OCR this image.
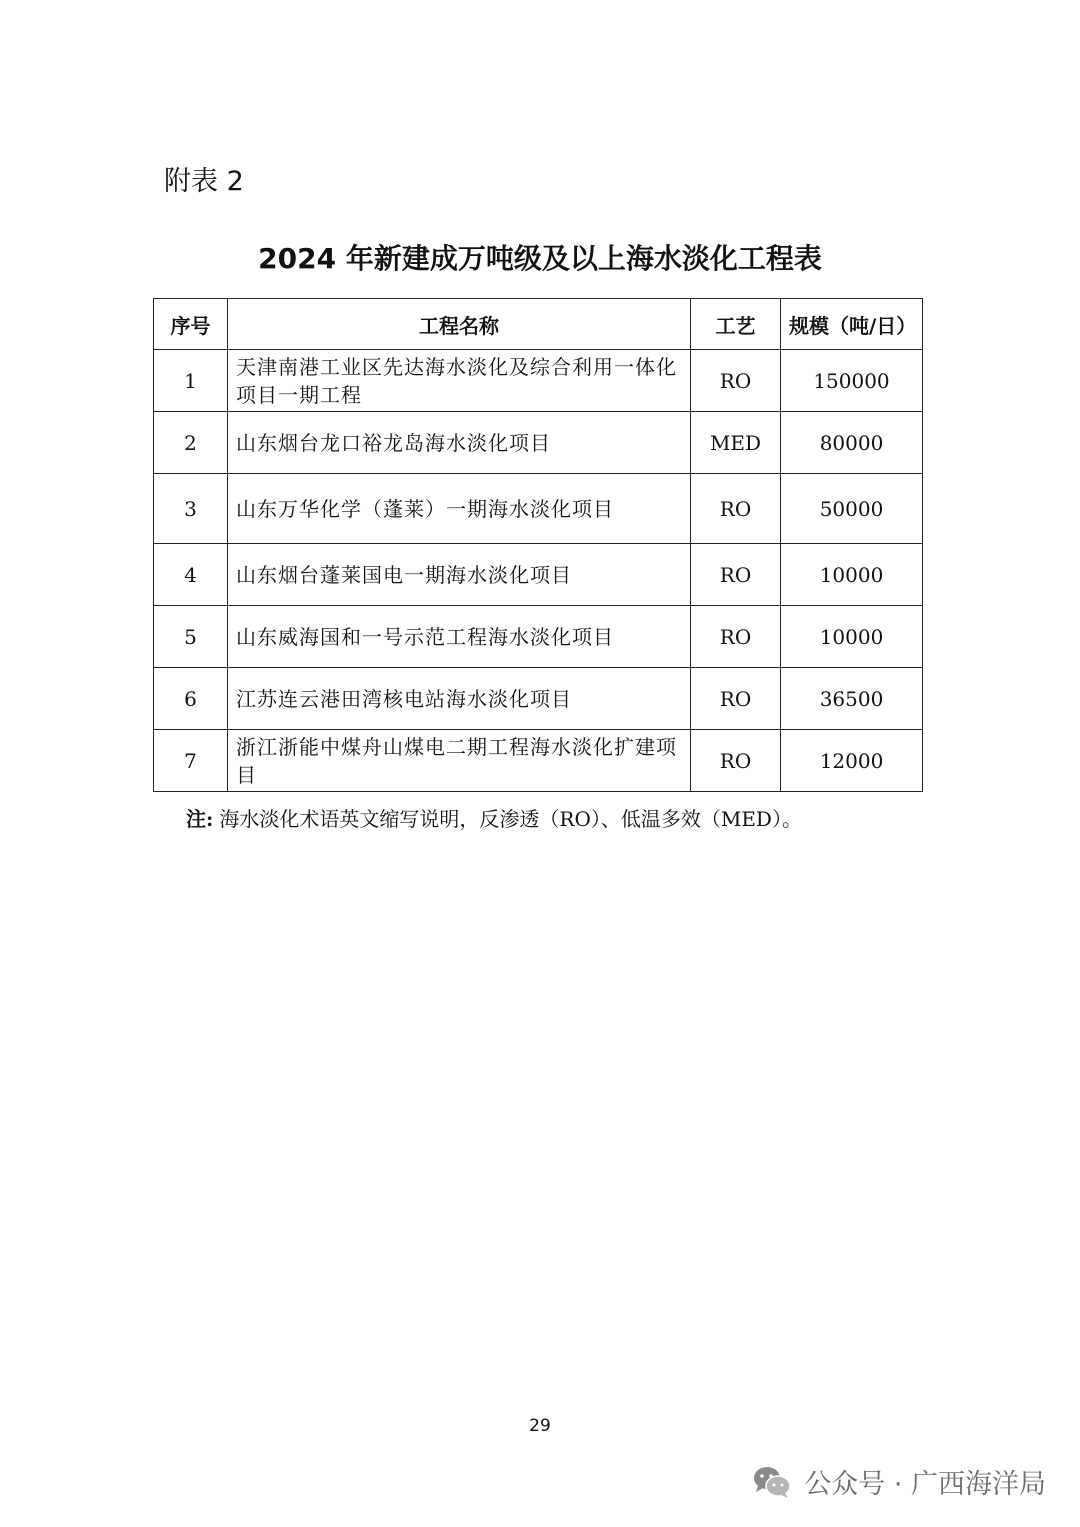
附表 2
2024 年新建成万吨级及以上海水淡化工程表
序号	工程名称	工艺	规模（吨/日）
1	天津南港工业区先达海水淡化及综合利用一体化项目一期工程	RO	150000
2	山东烟台龙口裕龙岛海水淡化项目	MED	80000
3	山东万华化学（蓬莱）一期海水淡化项目	RO	50000
4	山东烟台蓬莱国电一期海水淡化项目	RO	10000
5	山东威海国和一号示范工程海水淡化项目	RO	10000
6	江苏连云港田湾核电站海水淡化项目	RO	36500
7	浙江浙能中煤舟山煤电二期工程海水淡化扩建项目	RO	12000
注: 海水淡化术语英文缩写说明，反渗透（RO）、低温多效（MED）。
29
公众号 · 广西海洋局
